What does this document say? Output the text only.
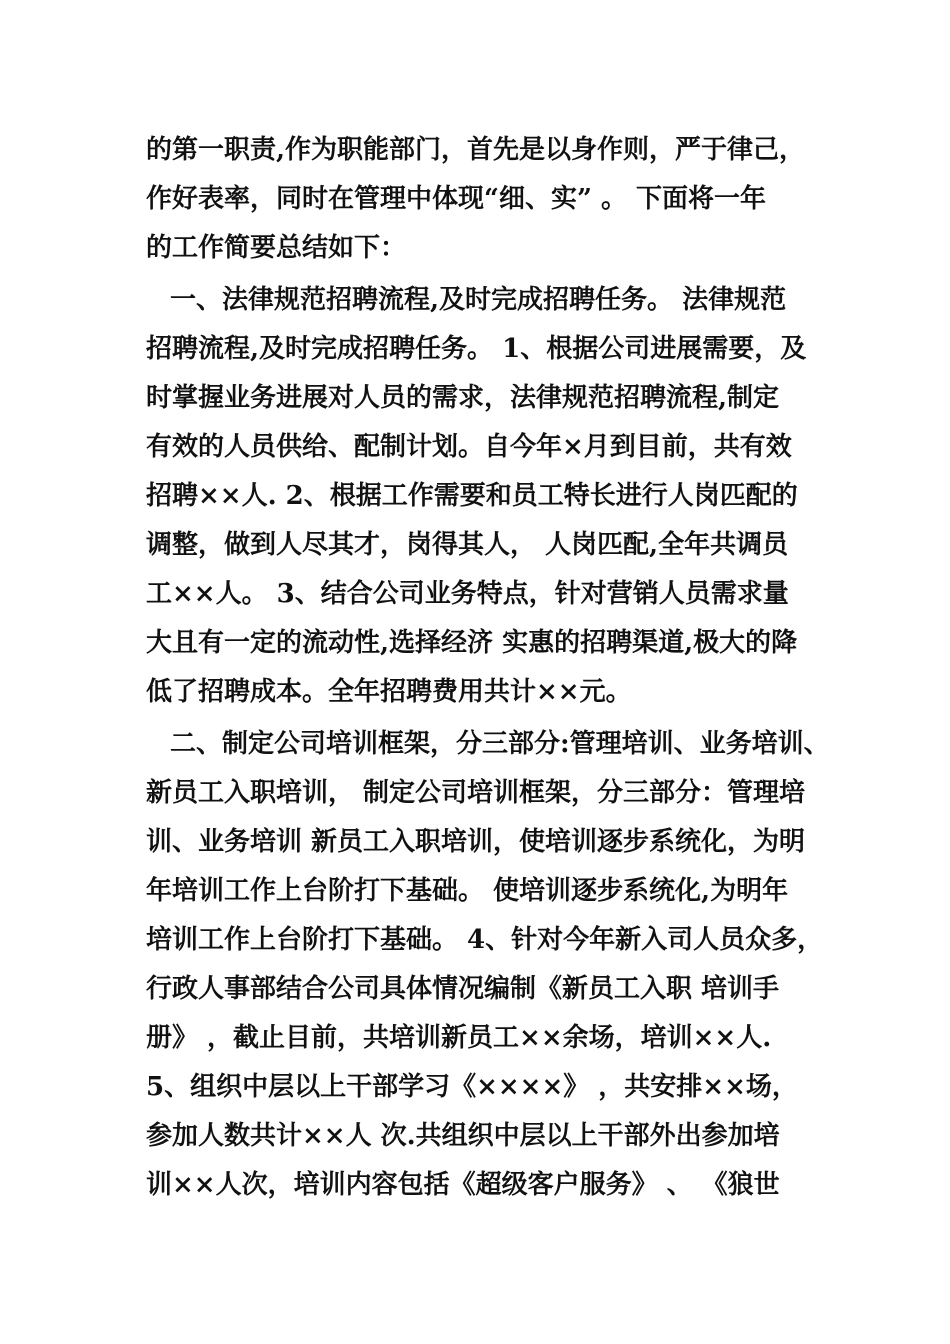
的第一职责,作为职能部门，首先是以身作则，严于律己，
作好表率，同时在管理中体现“细、实” 。 下面将一年
的工作简要总结如下：
一、法律规范招聘流程,及时完成招聘任务。 法律规范
招聘流程,及时完成招聘任务。 1、根据公司进展需要，及
时掌握业务进展对人员的需求，法律规范招聘流程,制定
有效的人员供给、配制计划。自今年×月到目前，共有效
招聘××人. 2、根据工作需要和员工特长进行人岗匹配的
调整，做到人尽其才，岗得其人， 人岗匹配,全年共调员
工××人。 3、结合公司业务特点，针对营销人员需求量
大且有一定的流动性,选择经济 实惠的招聘渠道,极大的降
低了招聘成本。全年招聘费用共计××元。
二、制定公司培训框架，分三部分:管理培训、业务培训、
新员工入职培训， 制定公司培训框架，分三部分：管理培
训、业务培训 新员工入职培训，使培训逐步系统化，为明
年培训工作上台阶打下基础。 使培训逐步系统化,为明年
培训工作上台阶打下基础。 4、针对今年新入司人员众多，
行政人事部结合公司具体情况编制《新员工入职 培训手
册》 ，截止目前，共培训新员工××余场，培训××人.
5、组织中层以上干部学习《××××》 ，共安排××场，
参加人数共计××人 次.共组织中层以上干部外出参加培
训××人次，培训内容包括《超级客户服务》 、 《狼世
